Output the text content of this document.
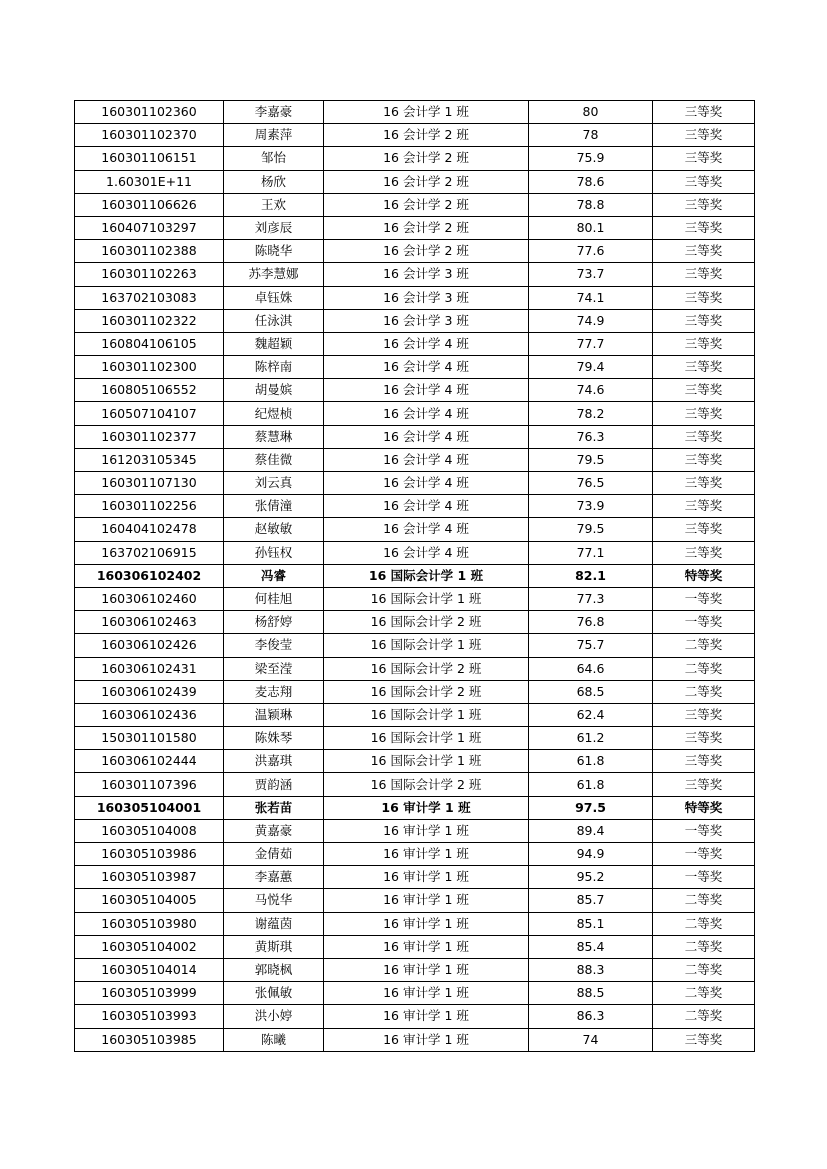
160301102360	李嘉豪	16 会计学 1 班	80	三等奖
160301102370	周素萍	16 会计学 2 班	78	三等奖
160301106151	邹怡	16 会计学 2 班	75.9	三等奖
1.60301E+11	杨欣	16 会计学 2 班	78.6	三等奖
160301106626	王欢	16 会计学 2 班	78.8	三等奖
160407103297	刘彦辰	16 会计学 2 班	80.1	三等奖
160301102388	陈晓华	16 会计学 2 班	77.6	三等奖
160301102263	苏李慧娜	16 会计学 3 班	73.7	三等奖
163702103083	卓钰姝	16 会计学 3 班	74.1	三等奖
160301102322	任泳淇	16 会计学 3 班	74.9	三等奖
160804106105	魏超颖	16 会计学 4 班	77.7	三等奖
160301102300	陈梓南	16 会计学 4 班	79.4	三等奖
160805106552	胡曼嫔	16 会计学 4 班	74.6	三等奖
160507104107	纪煜桢	16 会计学 4 班	78.2	三等奖
160301102377	蔡慧琳	16 会计学 4 班	76.3	三等奖
161203105345	蔡佳微	16 会计学 4 班	79.5	三等奖
160301107130	刘云真	16 会计学 4 班	76.5	三等奖
160301102256	张倩潼	16 会计学 4 班	73.9	三等奖
160404102478	赵敏敏	16 会计学 4 班	79.5	三等奖
163702106915	孙钰权	16 会计学 4 班	77.1	三等奖
160306102402	冯睿	16 国际会计学 1 班	82.1	特等奖
160306102460	何桂旭	16 国际会计学 1 班	77.3	一等奖
160306102463	杨舒婷	16 国际会计学 2 班	76.8	一等奖
160306102426	李俊莹	16 国际会计学 1 班	75.7	二等奖
160306102431	梁至滢	16 国际会计学 2 班	64.6	二等奖
160306102439	麦志翔	16 国际会计学 2 班	68.5	二等奖
160306102436	温颖琳	16 国际会计学 1 班	62.4	三等奖
150301101580	陈姝琴	16 国际会计学 1 班	61.2	三等奖
160306102444	洪嘉琪	16 国际会计学 1 班	61.8	三等奖
160301107396	贾韵涵	16 国际会计学 2 班	61.8	三等奖
160305104001	张若苗	16 审计学 1 班	97.5	特等奖
160305104008	黄嘉豪	16 审计学 1 班	89.4	一等奖
160305103986	金倩茹	16 审计学 1 班	94.9	一等奖
160305103987	李嘉蕙	16 审计学 1 班	95.2	一等奖
160305104005	马悦华	16 审计学 1 班	85.7	二等奖
160305103980	谢蕴茵	16 审计学 1 班	85.1	二等奖
160305104002	黄斯琪	16 审计学 1 班	85.4	二等奖
160305104014	郭晓枫	16 审计学 1 班	88.3	二等奖
160305103999	张佩敏	16 审计学 1 班	88.5	二等奖
160305103993	洪小婷	16 审计学 1 班	86.3	二等奖
160305103985	陈曦	16 审计学 1 班	74	三等奖
